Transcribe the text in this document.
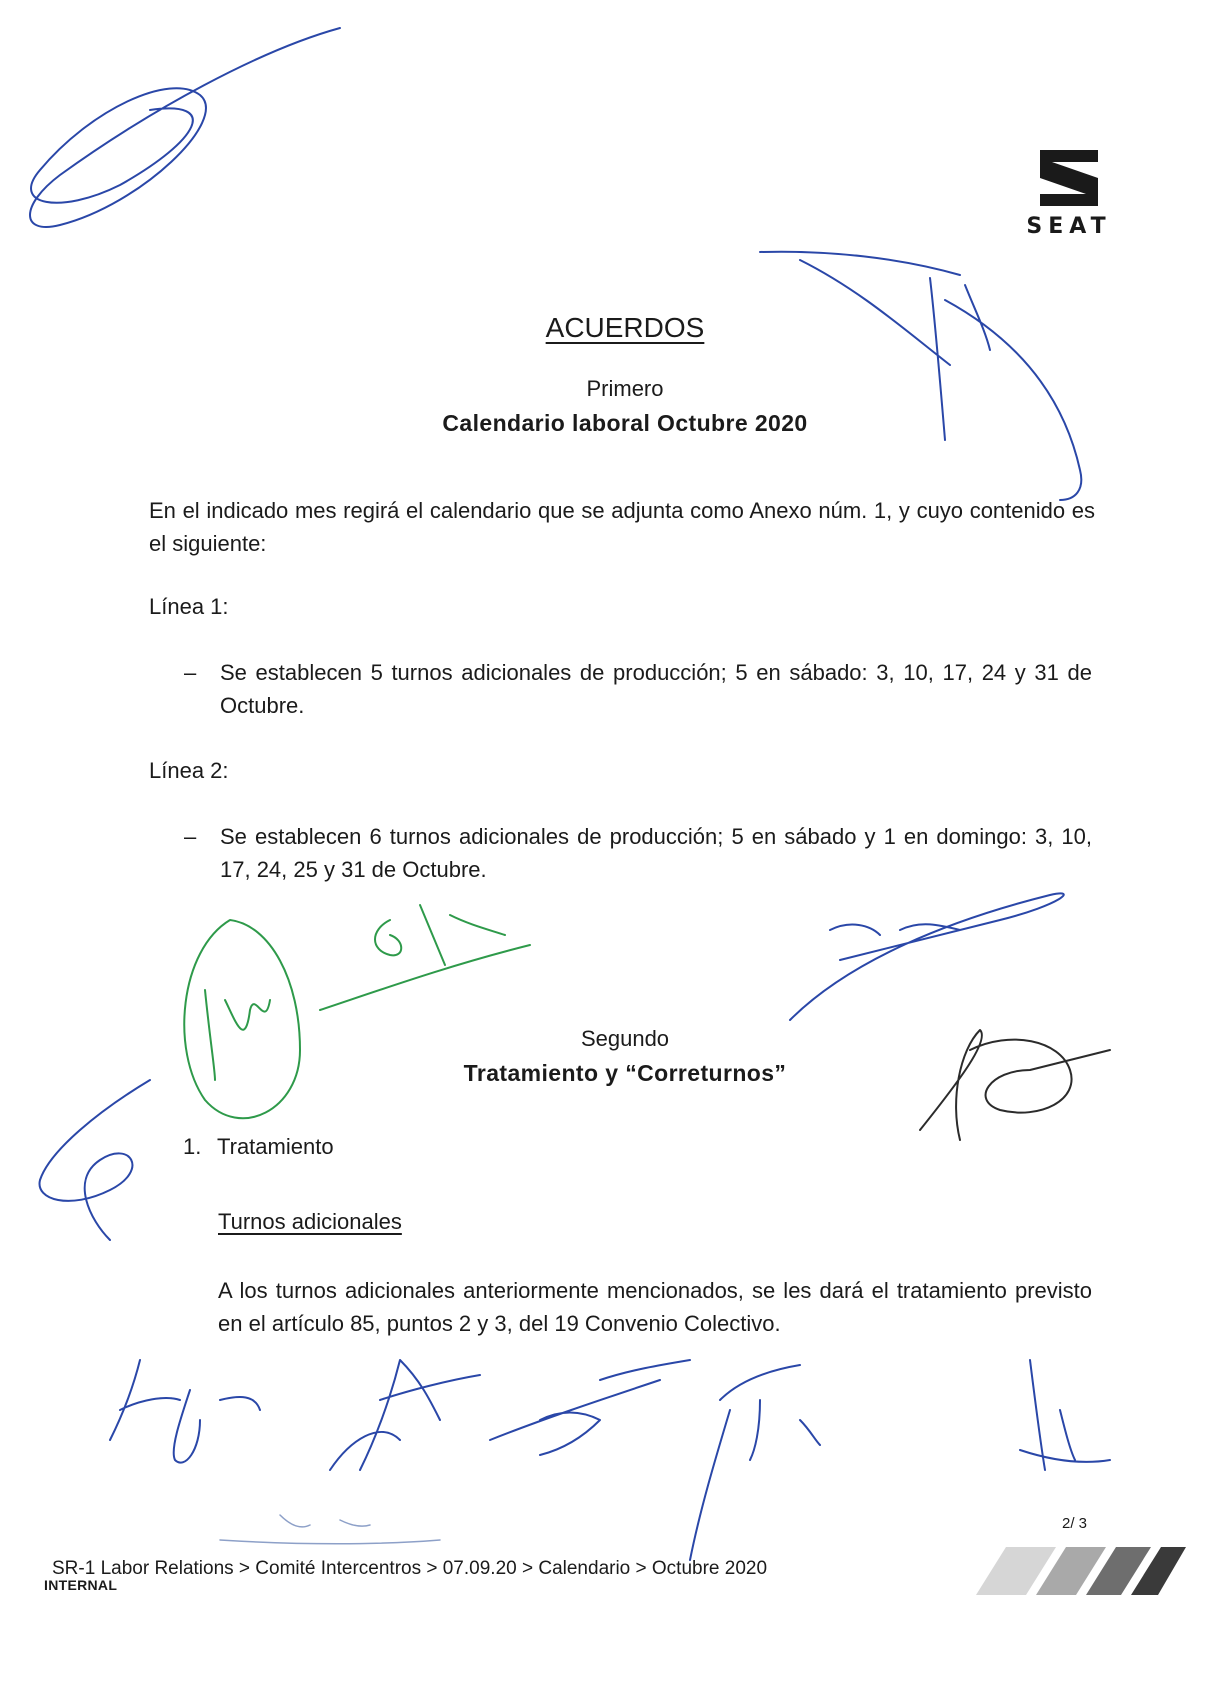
SEAT
ACUERDOS
Primero
Calendario laboral Octubre 2020
En el indicado mes regirá el calendario que se adjunta como Anexo núm. 1, y cuyo contenido es el siguiente:
Línea 1:
– Se establecen 5 turnos adicionales de producción; 5 en sábado: 3, 10, 17, 24 y 31 de Octubre.
Línea 2:
– Se establecen 6 turnos adicionales de producción; 5 en sábado y 1 en domingo: 3, 10, 17, 24, 25 y 31 de Octubre.
Segundo
Tratamiento y “Correturnos”
1. Tratamiento
Turnos adicionales
A los turnos adicionales anteriormente mencionados, se les dará el tratamiento previsto en el artículo 85, puntos 2 y 3, del 19 Convenio Colectivo.
2/ 3
SR-1 Labor Relations > Comité Intercentros > 07.09.20 > Calendario > Octubre 2020
INTERNAL
